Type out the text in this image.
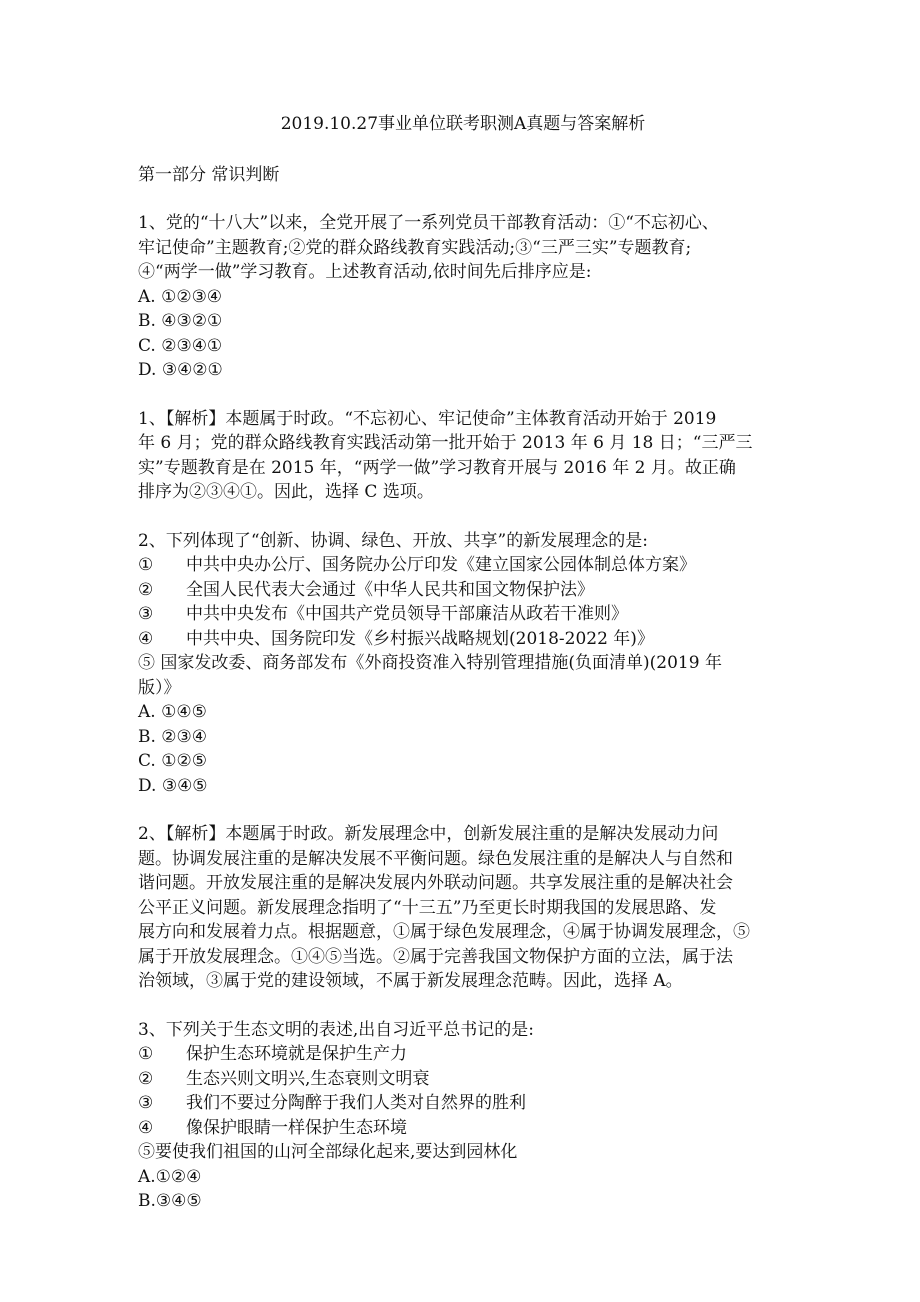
2019.10.27事业单位联考职测A真题与答案解析
第一部分 常识判断
1、党的“十八大”以来，全党开展了一系列党员干部教育活动：①“不忘初心、
牢记使命”主题教育;②党的群众路线教育实践活动;③“三严三实”专题教育;
④“两学一做”学习教育。上述教育活动,依时间先后排序应是:
A. ①②③④
B. ④③②①
C. ②③④①
D. ③④②①
1、【解析】本题属于时政。“不忘初心、牢记使命”主体教育活动开始于 2019
年 6 月；党的群众路线教育实践活动第一批开始于 2013 年 6 月 18 日；“三严三
实”专题教育是在 2015 年，“两学一做”学习教育开展与 2016 年 2 月。故正确
排序为②③④①。因此，选择 C 选项。
2、下列体现了“创新、协调、绿色、开放、共享”的新发展理念的是:
① 中共中央办公厅、国务院办公厅印发《建立国家公园体制总体方案》
② 全国人民代表大会通过《中华人民共和国文物保护法》
③ 中共中央发布《中国共产党员领导干部廉洁从政若干准则》
④ 中共中央、国务院印发《乡村振兴战略规划(2018-2022 年)》
⑤ 国家发改委、商务部发布《外商投资准入特别管理措施(负面清单)(2019 年
版）》
A. ①④⑤
B. ②③④
C. ①②⑤
D. ③④⑤
2、【解析】本题属于时政。新发展理念中，创新发展注重的是解决发展动力问
题。协调发展注重的是解决发展不平衡问题。绿色发展注重的是解决人与自然和
谐问题。开放发展注重的是解决发展内外联动问题。共享发展注重的是解决社会
公平正义问题。新发展理念指明了“十三五”乃至更长时期我国的发展思路、发
展方向和发展着力点。根据题意，①属于绿色发展理念，④属于协调发展理念，⑤
属于开放发展理念。①④⑤当选。②属于完善我国文物保护方面的立法，属于法
治领域，③属于党的建设领域，不属于新发展理念范畴。因此，选择 A。
3、下列关于生态文明的表述,出自习近平总书记的是:
① 保护生态环境就是保护生产力
② 生态兴则文明兴,生态衰则文明衰
③ 我们不要过分陶醉于我们人类对自然界的胜利
④ 像保护眼睛一样保护生态环境
⑤要使我们祖国的山河全部绿化起来,要达到园林化
A.①②④
B.③④⑤
